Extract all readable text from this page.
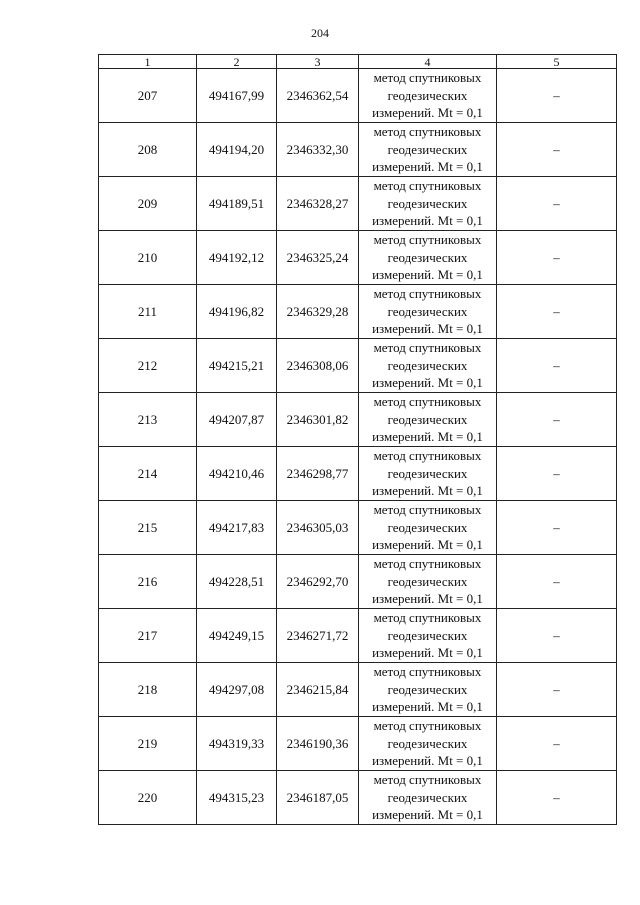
204
1	2	3	4	5
207	494167,99	2346362,54	метод спутниковых
геодезических
измерений. Mt = 0,1	–
208	494194,20	2346332,30	метод спутниковых
геодезических
измерений. Mt = 0,1	–
209	494189,51	2346328,27	метод спутниковых
геодезических
измерений. Mt = 0,1	–
210	494192,12	2346325,24	метод спутниковых
геодезических
измерений. Mt = 0,1	–
211	494196,82	2346329,28	метод спутниковых
геодезических
измерений. Mt = 0,1	–
212	494215,21	2346308,06	метод спутниковых
геодезических
измерений. Mt = 0,1	–
213	494207,87	2346301,82	метод спутниковых
геодезических
измерений. Mt = 0,1	–
214	494210,46	2346298,77	метод спутниковых
геодезических
измерений. Mt = 0,1	–
215	494217,83	2346305,03	метод спутниковых
геодезических
измерений. Mt = 0,1	–
216	494228,51	2346292,70	метод спутниковых
геодезических
измерений. Mt = 0,1	–
217	494249,15	2346271,72	метод спутниковых
геодезических
измерений. Mt = 0,1	–
218	494297,08	2346215,84	метод спутниковых
геодезических
измерений. Mt = 0,1	–
219	494319,33	2346190,36	метод спутниковых
геодезических
измерений. Mt = 0,1	–
220	494315,23	2346187,05	метод спутниковых
геодезических
измерений. Mt = 0,1	–
